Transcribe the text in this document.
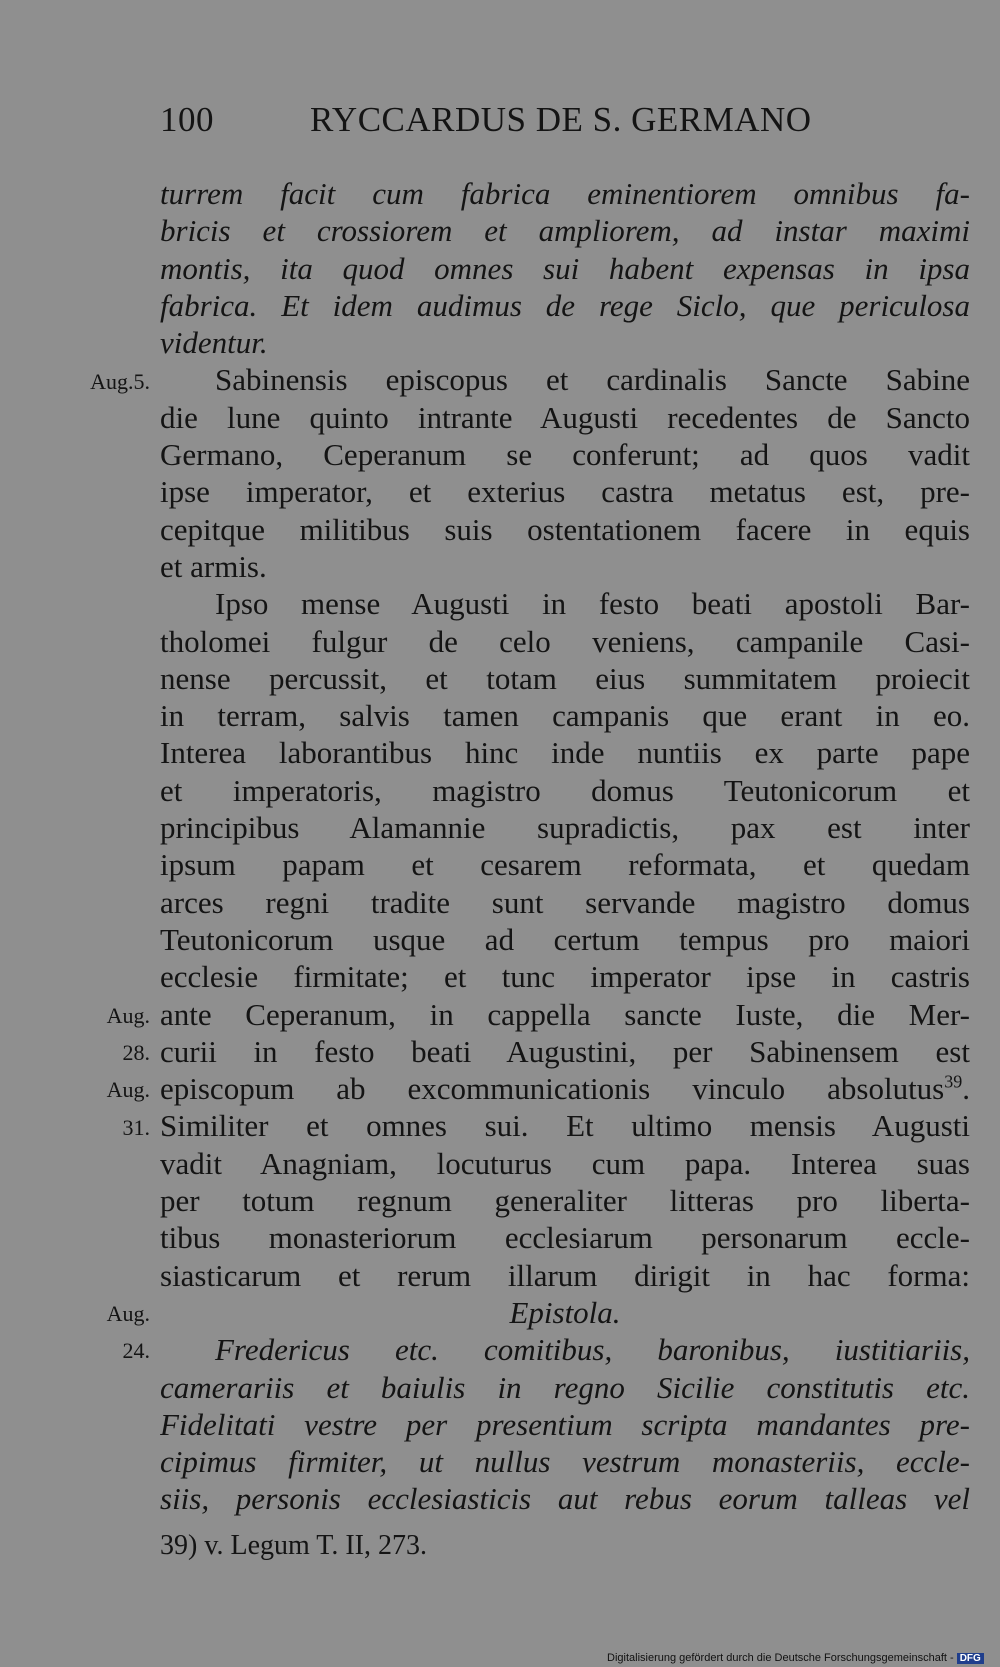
100	RYCCARDUS DE S. GERMANO
turrem facit cum fabrica eminentiorem omnibus fa-
bricis et crossiorem et ampliorem, ad instar maximi
montis, ita quod omnes sui habent expensas in ipsa
fabrica. Et idem audimus de rege Siclo, que periculosa
videntur.
Sabinensis episcopus et cardinalis Sancte Sabine
die lune quinto intrante Augusti recedentes de Sancto
Germano, Ceperanum se conferunt; ad quos vadit
ipse imperator, et exterius castra metatus est, pre-
cepitque militibus suis ostentationem facere in equis
et armis.
Ipso mense Augusti in festo beati apostoli Bar-
tholomei fulgur de celo veniens, campanile Casi-
nense percussit, et totam eius summitatem proiecit
in terram, salvis tamen campanis que erant in eo.
Interea laborantibus hinc inde nuntiis ex parte pape
et imperatoris, magistro domus Teutonicorum et
principibus Alamannie supradictis, pax est inter
ipsum papam et cesarem reformata, et quedam
arces regni tradite sunt servande magistro domus
Teutonicorum usque ad certum tempus pro maiori
ecclesie firmitate; et tunc imperator ipse in castris
ante Ceperanum, in cappella sancte Iuste, die Mer-
curii in festo beati Augustini, per Sabinensem est
episcopum ab excommunicationis vinculo absolutus$^{39}$.
Similiter et omnes sui. Et ultimo mensis Augusti
vadit Anagniam, locuturus cum papa. Interea suas
per totum regnum generaliter litteras pro liberta-
tibus monasteriorum ecclesiarum personarum eccle-
siasticarum et rerum illarum dirigit in hac forma:
Epistola.
Fredericus etc. comitibus, baronibus, iustitiariis,
camerariis et baiulis in regno Sicilie constitutis etc.
Fidelitati vestre per presentium scripta mandantes pre-
cipimus firmiter, ut nullus vestrum monasteriis, eccle-
siis, personis ecclesiasticis aut rebus eorum talleas vel
Aug.5.
Aug.
28.
Aug.
31.
Aug.
24.
39) v. Legum T. II, 273.
Digitalisierung gefördert durch die Deutsche Forschungsgemeinschaft - DFG
